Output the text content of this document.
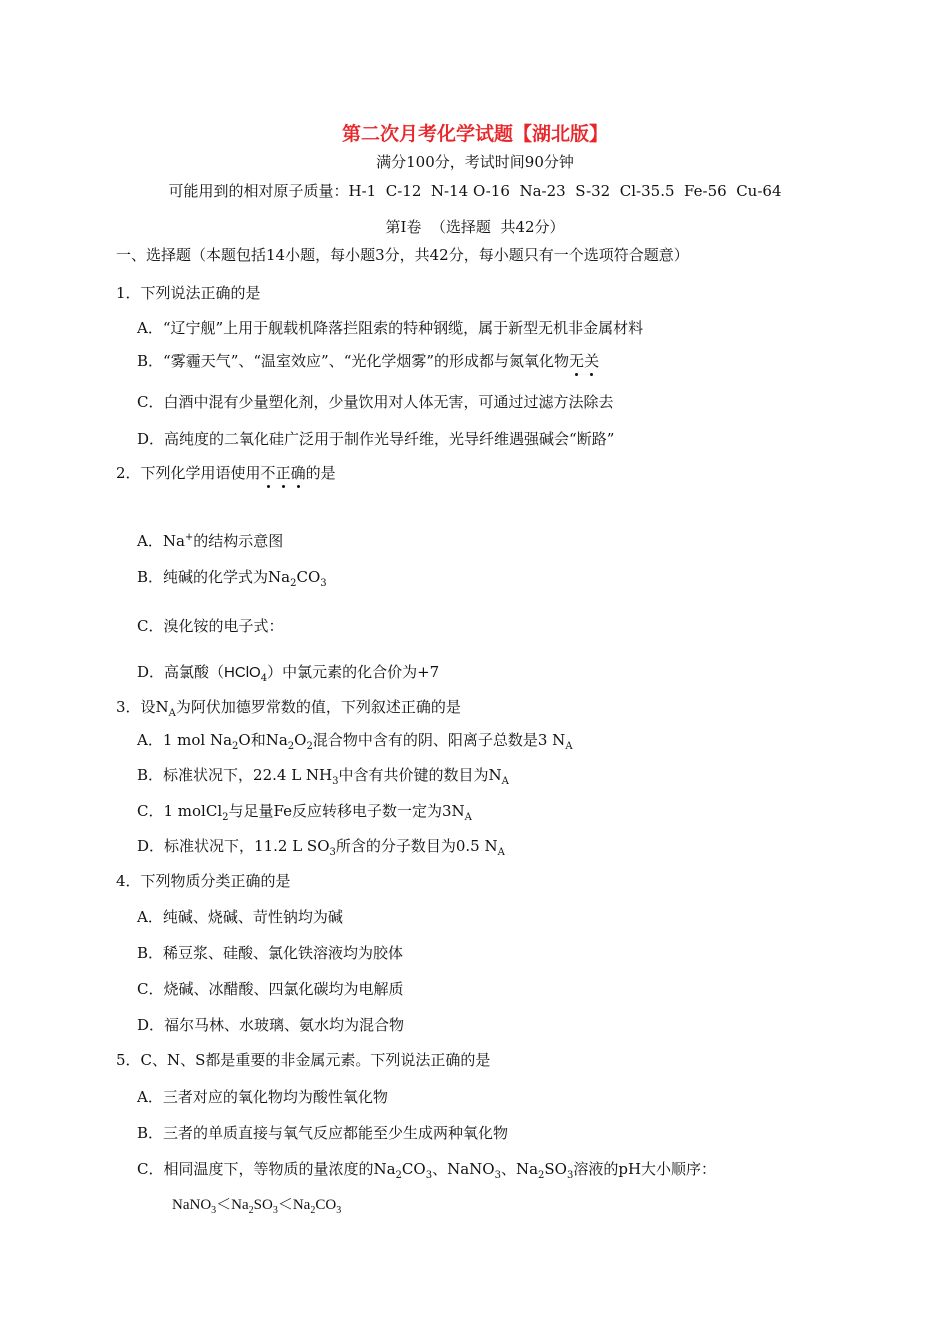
第二次月考化学试题【湖北版】
满分100分，考试时间90分钟
可能用到的相对原子质量：H-1  C-12  N-14 O-16  Na-23  S-32  Cl-35.5  Fe-56  Cu-64
第Ⅰ卷  （选择题  共42分）
一、选择题（本题包括14小题，每小题3分，共42分，每小题只有一个选项符合题意）
1．下列说法正确的是
A．“辽宁舰”上用于舰载机降落拦阻索的特种钢缆，属于新型无机非金属材料
B．“雾霾天气”、“温室效应”、“光化学烟雾”的形成都与氮氧化物无关
C．白酒中混有少量塑化剂，少量饮用对人体无害，可通过过滤方法除去
D．高纯度的二氧化硅广泛用于制作光导纤维，光导纤维遇强碱会“断路”
2．下列化学用语使用不正确的是
A．Na+的结构示意图
B．纯碱的化学式为$Na_2CO_3$
C．溴化铵的电子式：
D．高氯酸（HClO$_4$）中氯元素的化合价为+7
3．设$N_A$为阿伏加德罗常数的值，下列叙述正确的是
A．1 mol $Na_2O$和$Na_2O_2$混合物中含有的阴、阳离子总数是3 $N_A$
B．标准状况下，22.4 L $NH_3$中含有共价键的数目为$N_A$
C．1 molCl$_2$与足量Fe反应转移电子数一定为$3N_A$
D．标准状况下，11.2 L $SO_3$所含的分子数目为0.5 $N_A$
4．下列物质分类正确的是
A．纯碱、烧碱、苛性钠均为碱
B．稀豆浆、硅酸、氯化铁溶液均为胶体
C．烧碱、冰醋酸、四氯化碳均为电解质
D．福尔马林、水玻璃、氨水均为混合物
5．C、N、S都是重要的非金属元素。下列说法正确的是
A．三者对应的氧化物均为酸性氧化物
B．三者的单质直接与氧气反应都能至少生成两种氧化物
C．相同温度下，等物质的量浓度的$Na_2CO_3$、NaNO$_3$、$Na_2SO_3$溶液的pH大小顺序：
$NaNO_3<Na_2SO_3<Na_2CO_3$
